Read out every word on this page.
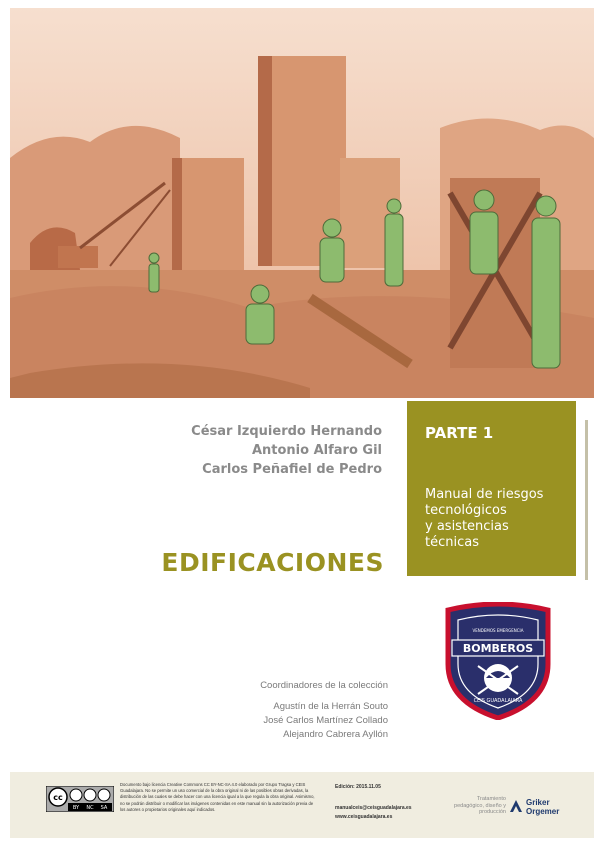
César Izquierdo Hernando
Antonio Alfaro Gil
Carlos Peñafiel de Pedro
PARTE 1
Manual de riesgos
tecnológicos
y asistencias
técnicas
EDIFICACIONES
Coordinadores de la colección
Agustín de la Herrán Souto
José Carlos Martínez Collado
Alejandro Cabrera Ayllón
BOMBEROS
VENDEMOS EMERGENCIA
CEIS GUADALAJARA
cc
BY NC SA
Documento bajo licencia Creative Commons CC BY-NC-SA 4.0 elaborado por Grupo Tragsa y CEIS Guadalajara. No se permite un uso comercial de la obra original ni de las posibles obras derivadas, la distribución de las cuales se debe hacer con una licencia igual a la que regula la obra original. Asimismo, no se podrán distribuir o modificar las imágenes contenidas en este manual sin la autorización previa de los autores o propietarios originales aquí indicados.
Edición: 2015.11.05
manualceis@ceisguadalajara.es
www.ceisguadalajara.es
Tratamiento
pedagógico, diseño y
producción
Griker
Orgemer
